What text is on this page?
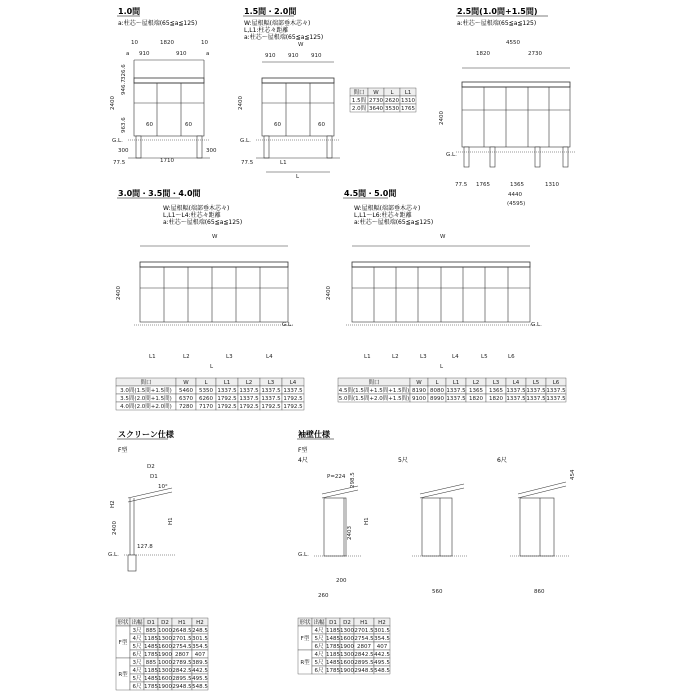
1.0間
a:柱芯～屋根端(65≦a≦125)
1.5間・2.0間
W:屋根幅(端部垂木芯々)
L,L1:柱芯々距離
a:柱芯～屋根端(65≦a≦125)
2.5間(1.0間+1.5間)
a:柱芯～屋根端(65≦a≦125)
3.0間・3.5間・4.0間
W:屋根幅(端部垂木芯々)
L,L1～L4:柱芯々距離
a:柱芯～屋根端(65≦a≦125)
4.5間・5.0間
W:屋根幅(端部垂木芯々)
L,L1～L6:柱芯々距離
a:柱芯～屋根端(65≦a≦125)
スクリーン仕様
F型
袖壁仕様
F型
4尺	5尺	6尺
10	1820	10
910	910
a	a
2400
946.7
326.6
963.6	60	60
G.L.
300	300
77.5	1710
W
910 910 910
2400
G.L.
L1
L
77.5
60	60
間口 W L L1
1.5間 2730 2620 1310
2.0間 3640 3530 1765
4550
1820	2730
2400
G.L.
77.5 1765	1365	1310
4440
(4595)
W
2400
G.L.
L1	L2	L3	L4
L
間口	W	L	L1	L2	L3	L4
3.0間(1.5間+1.5間) 5460 5350 1337.5 1337.5 1337.5 1337.5
3.5間(2.0間+1.5間) 6370 6260 1792.5 1337.5 1337.5 1792.5
4.0間(2.0間+2.0間) 7280 7170 1792.5 1792.5 1792.5 1792.5
W
2400
G.L.
L1	L2	L3	L4	L5	L6
L
間口	W L	L1 L2 L3 L4 L5 L6
4.5間(1.5間+1.5間+1.5間) 8190 8080 1337.5 1365 1365 1337.5 1337.5 1337.5
5.0間(1.5間+2.0間+1.5間) 9100 8990 1337.5 1820 1820 1337.5 1337.5 1337.5
D2
D1
10°
H2
H1
2400
127.8
G.L.
P=224 298.5
2403
H1
200
260
G.L.
560	860
454
形状 出幅 D1 D2 H1 H2
F型
3尺 885 1000 2648.5 248.5
4尺 1185 1300 2701.5 301.5
5尺 1485 1600 2754.5 354.5
6尺 1785 1900 2807 407
R型
3尺 885 1000 2789.5 389.5
4尺 1185 1300 2842.5 442.5
5尺 1485 1600 2895.5 495.5
6尺 1785 1900 2948.5 548.5
形状 出幅 D1 D2 H1 H2
F型
4尺 1185 1300 2701.5 301.5
5尺 1485 1600 2754.5 354.5
6尺 1785 1900 2807 407
R型
4尺 1185 1300 2842.5 442.5
5尺 1485 1600 2895.5 495.5
6尺 1785 1900 2948.5 548.5
